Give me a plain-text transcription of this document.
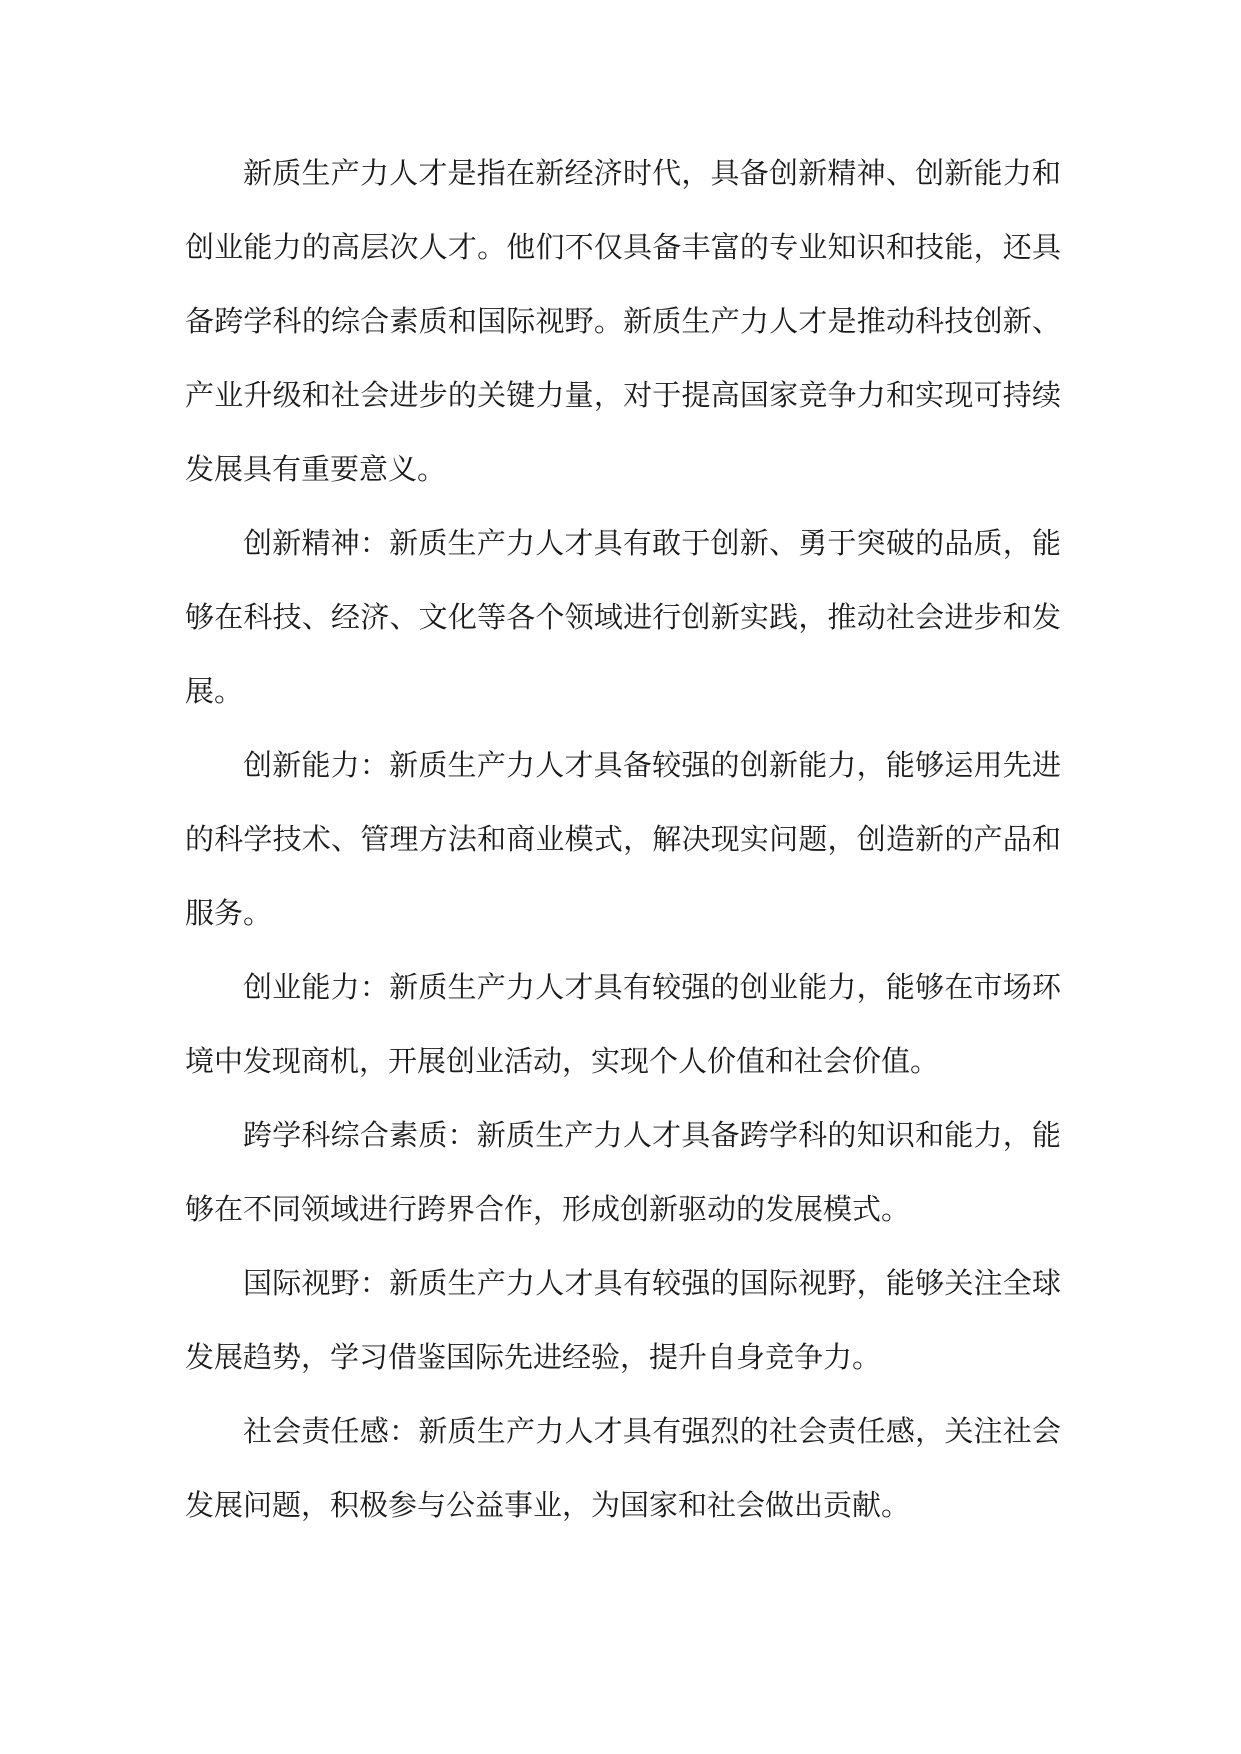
新质生产力人才是指在新经济时代，具备创新精神、创新能力和创业能力的高层次人才。他们不仅具备丰富的专业知识和技能，还具备跨学科的综合素质和国际视野。新质生产力人才是推动科技创新、产业升级和社会进步的关键力量，对于提高国家竞争力和实现可持续发展具有重要意义。

创新精神：新质生产力人才具有敢于创新、勇于突破的品质，能够在科技、经济、文化等各个领域进行创新实践，推动社会进步和发展。

创新能力：新质生产力人才具备较强的创新能力，能够运用先进的科学技术、管理方法和商业模式，解决现实问题，创造新的产品和服务。

创业能力：新质生产力人才具有较强的创业能力，能够在市场环境中发现商机，开展创业活动，实现个人价值和社会价值。

跨学科综合素质：新质生产力人才具备跨学科的知识和能力，能够在不同领域进行跨界合作，形成创新驱动的发展模式。

国际视野：新质生产力人才具有较强的国际视野，能够关注全球发展趋势，学习借鉴国际先进经验，提升自身竞争力。

社会责任感：新质生产力人才具有强烈的社会责任感，关注社会发展问题，积极参与公益事业，为国家和社会做出贡献。
